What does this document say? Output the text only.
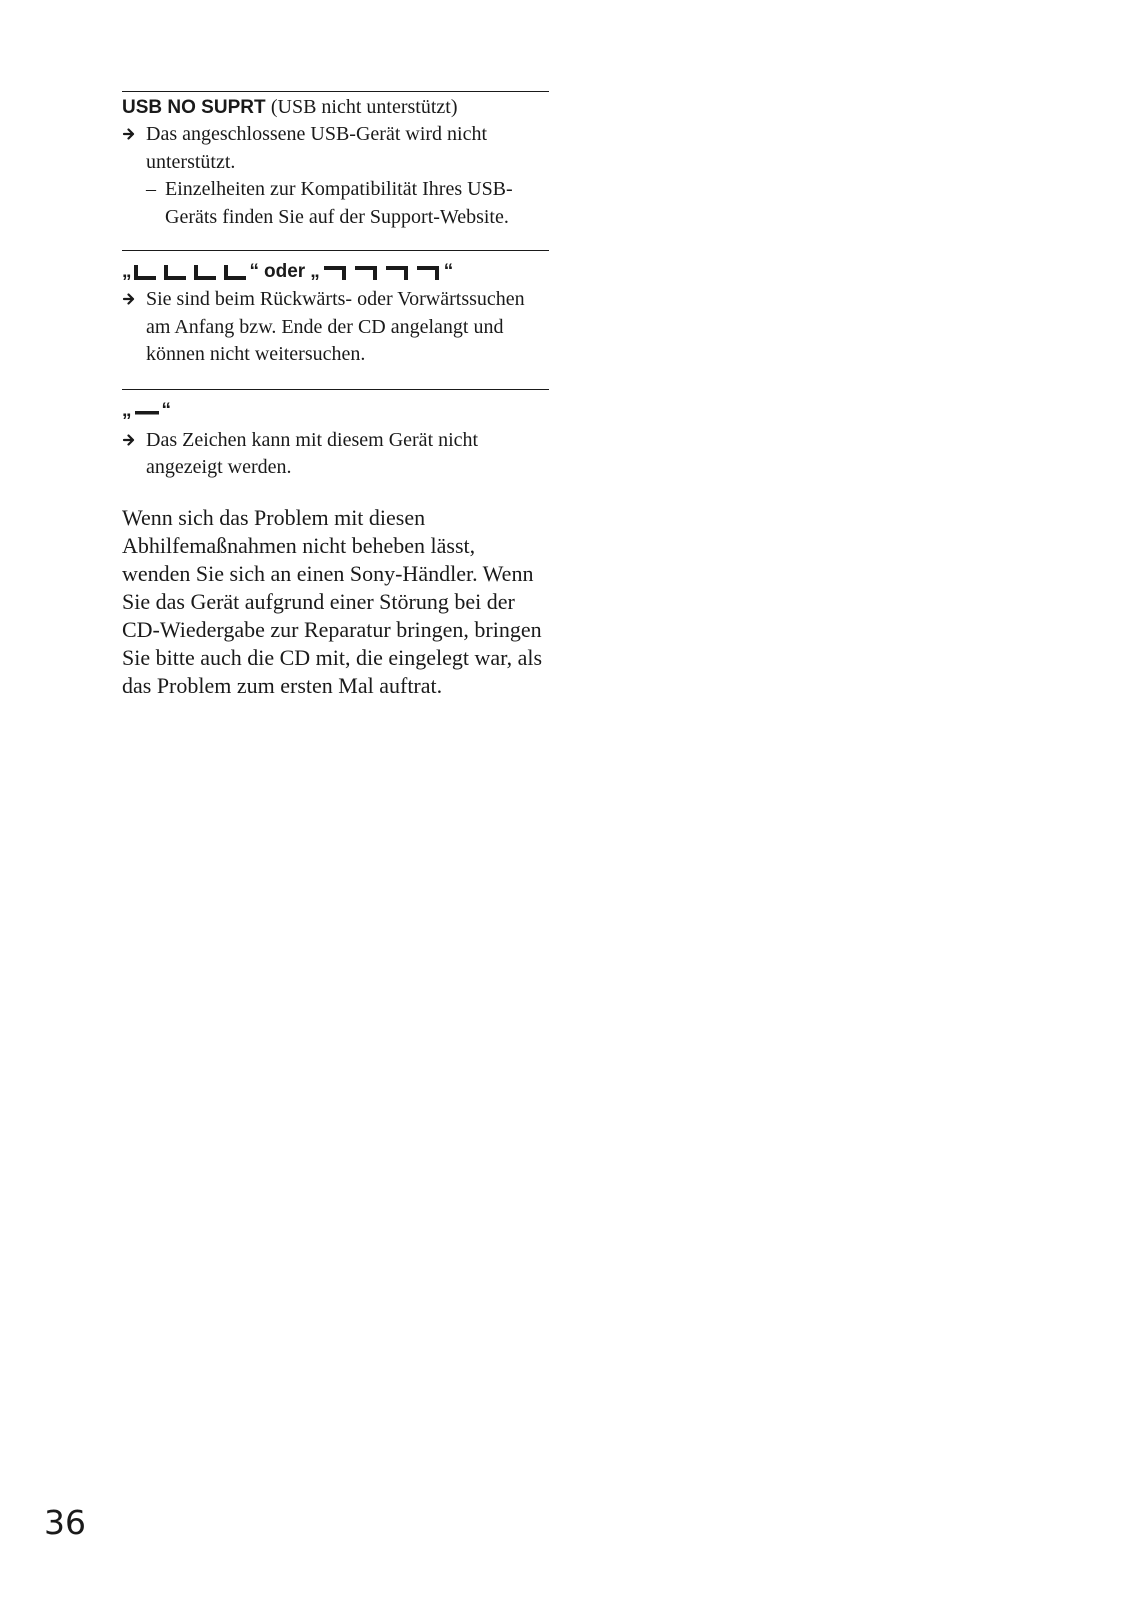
USB NO SUPRT (USB nicht unterstützt)
Das angeschlossene USB-Gerät wird nicht unterstützt.
– Einzelheiten zur Kompatibilität Ihres USB-Geräts finden Sie auf der Support-Website.
„	“ oder „	“
Sie sind beim Rückwärts- oder Vorwärtssuchen am Anfang bzw. Ende der CD angelangt und können nicht weitersuchen.
„ “
Das Zeichen kann mit diesem Gerät nicht angezeigt werden.

Wenn sich das Problem mit diesen Abhilfemaßnahmen nicht beheben lässt, wenden Sie sich an einen Sony-Händler. Wenn Sie das Gerät aufgrund einer Störung bei der CD-Wiedergabe zur Reparatur bringen, bringen Sie bitte auch die CD mit, die eingelegt war, als das Problem zum ersten Mal auftrat.

36
